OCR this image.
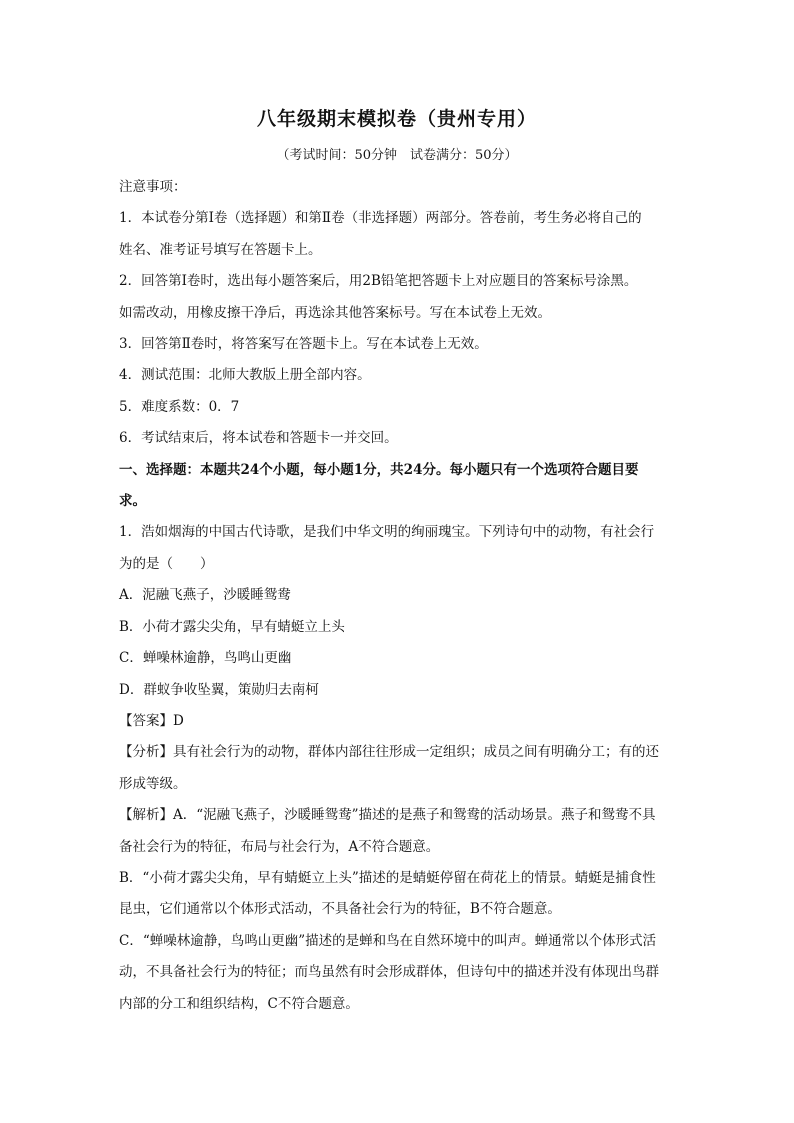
八年级期末模拟卷（贵州专用）
（考试时间：50分钟　试卷满分：50分）

注意事项：

1．本试卷分第Ⅰ卷（选择题）和第Ⅱ卷（非选择题）两部分。答卷前，考生务必将自己的

姓名、准考证号填写在答题卡上。

2．回答第Ⅰ卷时，选出每小题答案后，用2B铅笔把答题卡上对应题目的答案标号涂黑。

如需改动，用橡皮擦干净后，再选涂其他答案标号。写在本试卷上无效。

3．回答第Ⅱ卷时，将答案写在答题卡上。写在本试卷上无效。

4．测试范围：北师大教版上册全部内容。

5．难度系数：0．7

6．考试结束后，将本试卷和答题卡一并交回。

一、选择题：本题共24个小题，每小题1分，共24分。每小题只有一个选项符合题目要

求。

1．浩如烟海的中国古代诗歌，是我们中华文明的绚丽瑰宝。下列诗句中的动物，有社会行

为的是（　　）

A．泥融飞燕子，沙暖睡鸳鸯

B．小荷才露尖尖角，早有蜻蜓立上头

C．蝉噪林逾静，鸟鸣山更幽

D．群蚁争收坠翼，策勋归去南柯

【答案】D

【分析】具有社会行为的动物，群体内部往往形成一定组织；成员之间有明确分工；有的还

形成等级。

【解析】A．“泥融飞燕子，沙暖睡鸳鸯”描述的是燕子和鸳鸯的活动场景。燕子和鸳鸯不具

备社会行为的特征，布局与社会行为，A不符合题意。

B．“小荷才露尖尖角，早有蜻蜓立上头”描述的是蜻蜓停留在荷花上的情景。蜻蜓是捕食性

昆虫，它们通常以个体形式活动，不具备社会行为的特征，B不符合题意。

C．“蝉噪林逾静，鸟鸣山更幽”描述的是蝉和鸟在自然环境中的叫声。蝉通常以个体形式活

动，不具备社会行为的特征；而鸟虽然有时会形成群体，但诗句中的描述并没有体现出鸟群

内部的分工和组织结构，C不符合题意。
